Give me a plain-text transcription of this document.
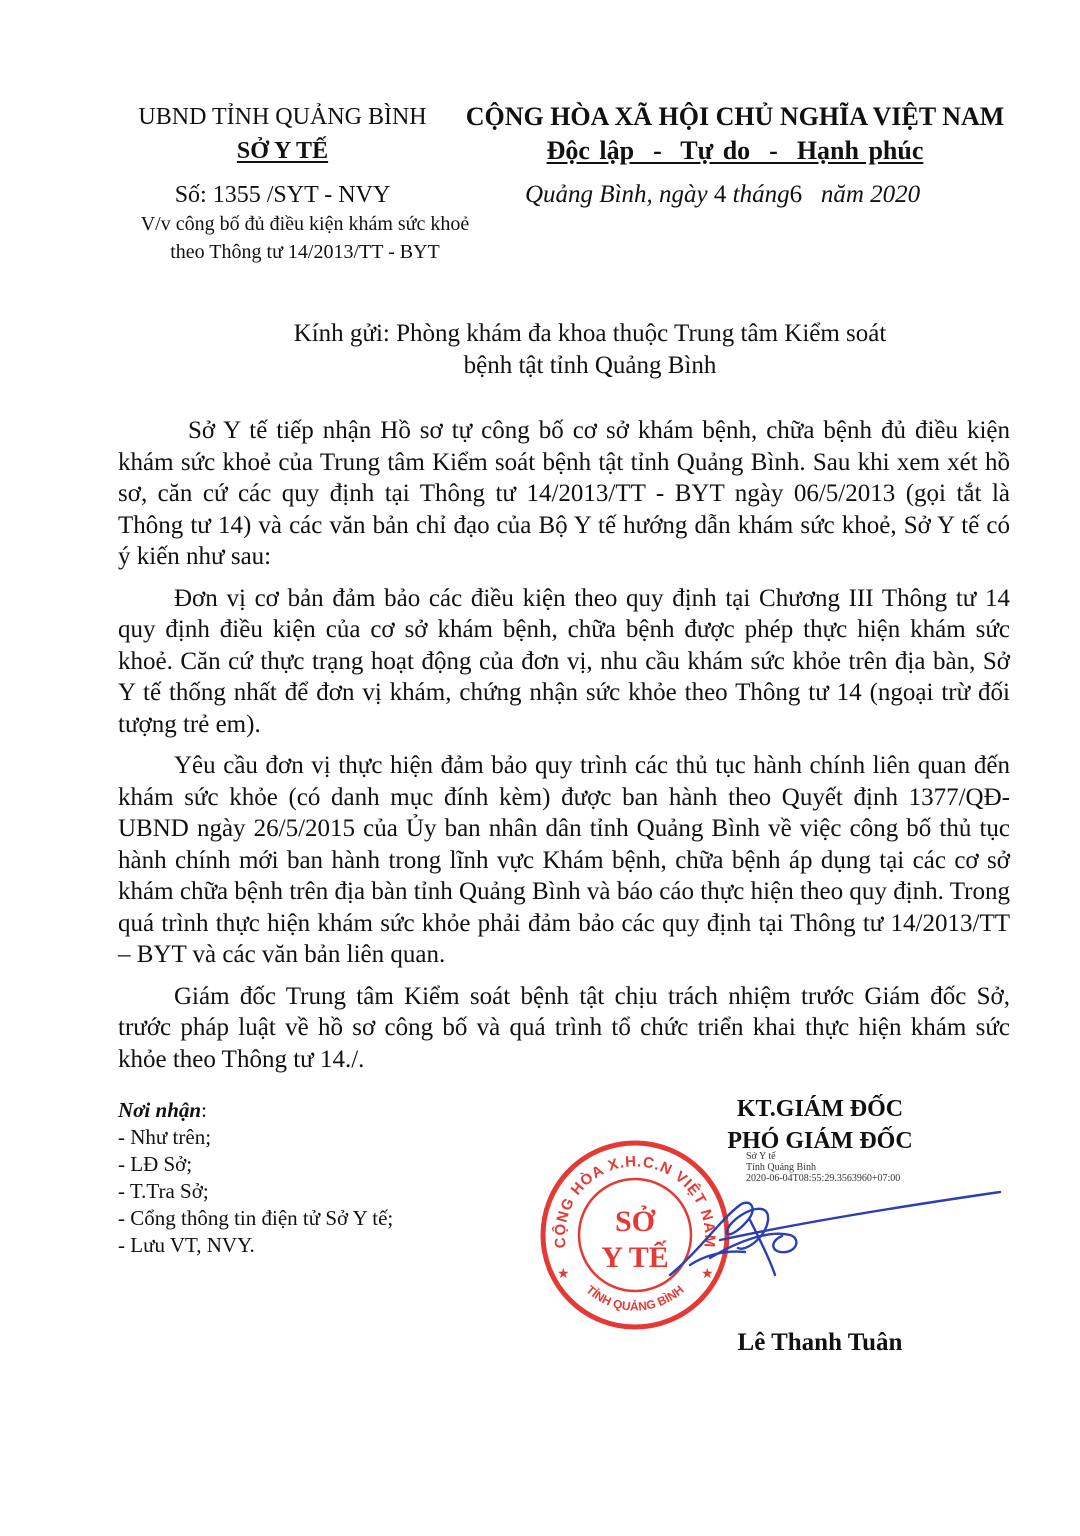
UBND TỈNH QUẢNG BÌNH
SỞ Y TẾ
CỘNG HÒA XÃ HỘI CHỦ NGHĨA VIỆT NAM
Độc lập  -  Tự do  -  Hạnh phúc
Số: 1355 /SYT - NVY
V/v công bố đủ điều kiện khám sức khoẻ
theo Thông tư 14/2013/TT - BYT
Quảng Bình, ngày 4 tháng6   năm 2020
Kính gửi: Phòng khám đa khoa thuộc Trung tâm Kiểm soát
bệnh tật tỉnh Quảng Bình

Sở Y tế tiếp nhận Hồ sơ tự công bố cơ sở khám bệnh, chữa bệnh đủ điều kiện khám sức khoẻ của Trung tâm Kiểm soát bệnh tật tỉnh Quảng Bình. Sau khi xem xét hồ sơ, căn cứ các quy định tại Thông tư 14/2013/TT - BYT ngày 06/5/2013 (gọi tắt là Thông tư 14) và các văn bản chỉ đạo của Bộ Y tế hướng dẫn khám sức khoẻ, Sở Y tế có ý kiến như sau:

Đơn vị cơ bản đảm bảo các điều kiện theo quy định tại Chương III Thông tư 14 quy định điều kiện của cơ sở khám bệnh, chữa bệnh được phép thực hiện khám sức khoẻ. Căn cứ thực trạng hoạt động của đơn vị, nhu cầu khám sức khỏe trên địa bàn, Sở Y tế thống nhất để đơn vị khám, chứng nhận sức khỏe theo Thông tư 14 (ngoại trừ đối tượng trẻ em).

Yêu cầu đơn vị thực hiện đảm bảo quy trình các thủ tục hành chính liên quan đến khám sức khỏe (có danh mục đính kèm) được ban hành theo Quyết định 1377/QĐ-UBND ngày 26/5/2015 của Ủy ban nhân dân tỉnh Quảng Bình về việc công bố thủ tục hành chính mới ban hành trong lĩnh vực Khám bệnh, chữa bệnh áp dụng tại các cơ sở khám chữa bệnh trên địa bàn tỉnh Quảng Bình và báo cáo thực hiện theo quy định. Trong quá trình thực hiện khám sức khỏe phải đảm bảo các quy định tại Thông tư 14/2013/TT – BYT và các văn bản liên quan.

Giám đốc Trung tâm Kiểm soát bệnh tật chịu trách nhiệm trước Giám đốc Sở, trước pháp luật về hồ sơ công bố và quá trình tổ chức triển khai thực hiện khám sức khỏe theo Thông tư 14./.

Nơi nhận:
- Như trên;
- LĐ Sở;
- T.Tra Sở;
- Cổng thông tin điện tử Sở Y tế;
- Lưu VT, NVY.	CỘNG HÒA X.H.C.N VIỆT NAM
TỈNH QUẢNG BÌNH
★	★
SỞ
Y TẾ
KT.GIÁM ĐỐC
PHÓ GIÁM ĐỐC
Sở Y tế
Tỉnh Quảng Bình
2020-06-04T08:55:29.3563960+07:00
Lê Thanh Tuân
